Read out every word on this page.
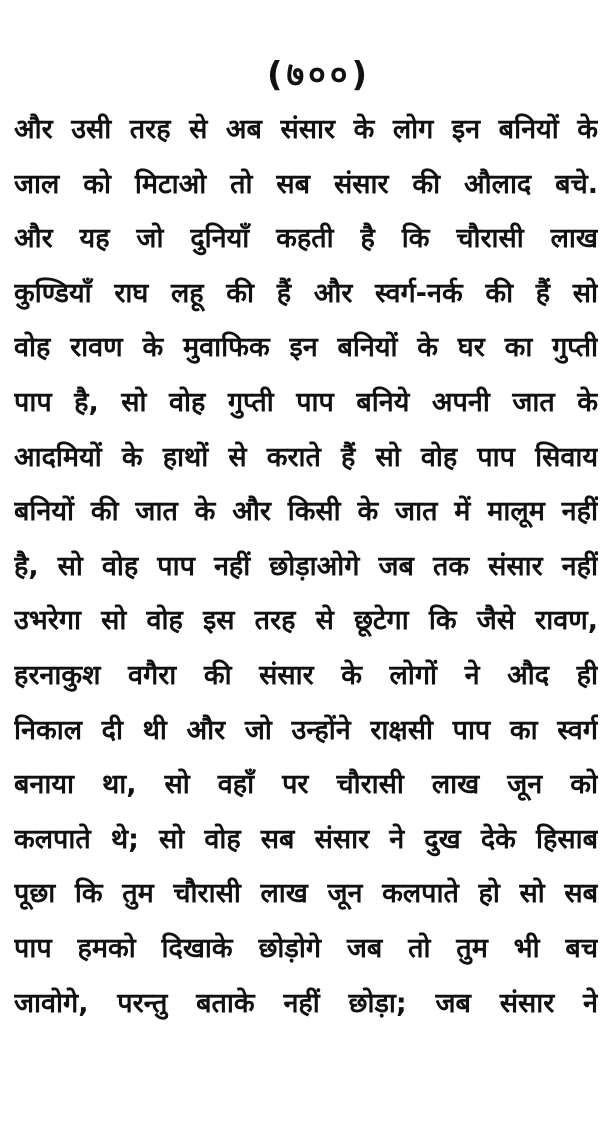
(७००)
और उसी तरह से अब संसार के लोग इन बनियों के
जाल को मिटाओ तो सब संसार की औलाद बचे.
और यह जो दुनियाँ कहती है कि चौरासी लाख
कुण्डियाँ राघ लहू की हैं और स्वर्ग-नर्क की हैं सो
वोह रावण के मुवाफिक इन बनियों के घर का गुप्ती
पाप है, सो वोह गुप्ती पाप बनिये अपनी जात के
आदमियों के हाथों से कराते हैं सो वोह पाप सिवाय
बनियों की जात के और किसी के जात में मालूम नहीं
है, सो वोह पाप नहीं छोड़ाओगे जब तक संसार नहीं
उभरेगा सो वोह इस तरह से छूटेगा कि जैसे रावण,
हरनाकुश वगैरा की संसार के लोगों ने औद ही
निकाल दी थी और जो उन्होंने राक्षसी पाप का स्वर्ग
बनाया था, सो वहाँ पर चौरासी लाख जून को
कलपाते थे; सो वोह सब संसार ने दुख देके हिसाब
पूछा कि तुम चौरासी लाख जून कलपाते हो सो सब
पाप हमको दिखाके छोड़ोगे जब तो तुम भी बच
जावोगे, परन्तु बताके नहीं छोड़ा; जब संसार ने
